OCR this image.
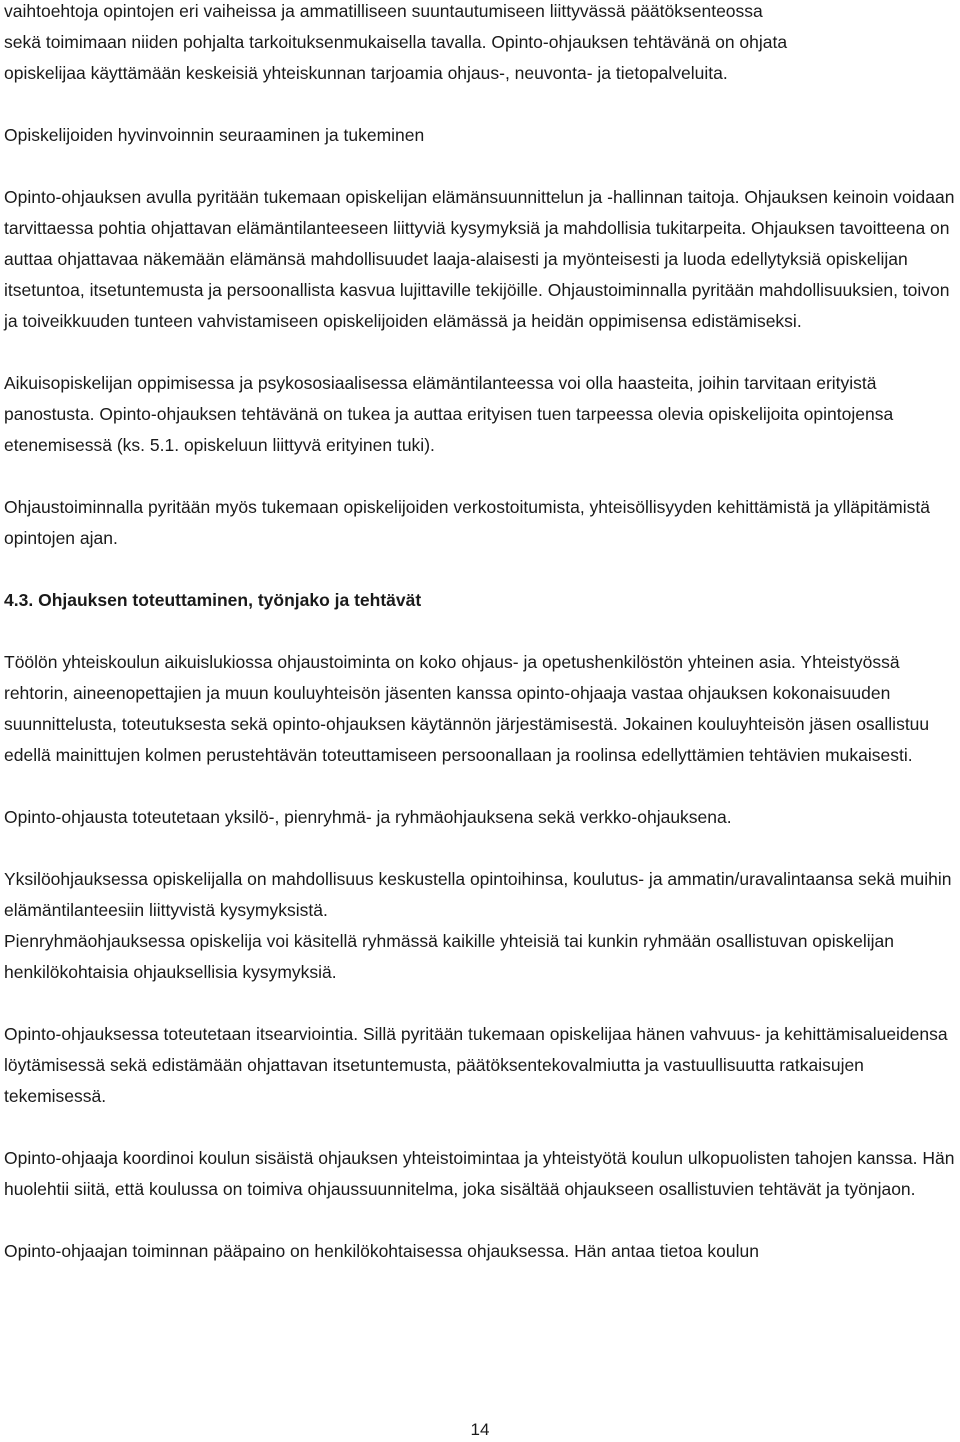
vaihtoehtoja opintojen eri vaiheissa ja ammatilliseen suuntautumiseen liittyvässä päätöksenteossa
sekä toimimaan niiden pohjalta tarkoituksenmukaisella tavalla. Opinto-ohjauksen tehtävänä on ohjata
opiskelijaa käyttämään keskeisiä yhteiskunnan tarjoamia ohjaus-, neuvonta- ja tietopalveluita.
Opiskelijoiden hyvinvoinnin seuraaminen ja tukeminen

Opinto-ohjauksen avulla pyritään tukemaan opiskelijan elämänsuunnittelun ja -hallinnan taitoja. Ohjauksen keinoin voidaan tarvittaessa pohtia ohjattavan elämäntilanteeseen liittyviä kysymyksiä ja mahdollisia tukitarpeita. Ohjauksen tavoitteena on auttaa ohjattavaa näkemään elämänsä mahdollisuudet laaja-alaisesti ja myönteisesti ja luoda edellytyksiä opiskelijan itsetuntoa, itsetuntemusta ja persoonallista kasvua lujittaville tekijöille. Ohjaustoiminnalla pyritään mahdollisuuksien, toivon ja toiveikkuuden tunteen vahvistamiseen opiskelijoiden elämässä ja heidän oppimisensa edistämiseksi.

Aikuisopiskelijan oppimisessa ja psykososiaalisessa elämäntilanteessa voi olla haasteita, joihin tarvitaan erityistä panostusta. Opinto-ohjauksen tehtävänä on tukea ja auttaa erityisen tuen tarpeessa olevia opiskelijoita opintojensa etenemisessä (ks. 5.1. opiskeluun liittyvä erityinen tuki).

Ohjaustoiminnalla pyritään myös tukemaan opiskelijoiden verkostoitumista, yhteisöllisyyden kehittämistä ja ylläpitämistä opintojen ajan.

4.3. Ohjauksen toteuttaminen, työnjako ja tehtävät

Töölön yhteiskoulun aikuislukiossa ohjaustoiminta on koko ohjaus- ja opetushenkilöstön yhteinen asia. Yhteistyössä rehtorin, aineenopettajien ja muun kouluyhteisön jäsenten kanssa opinto-ohjaaja vastaa ohjauksen kokonaisuuden suunnittelusta, toteutuksesta sekä opinto-ohjauksen käytännön järjestämisestä. Jokainen kouluyhteisön jäsen osallistuu edellä mainittujen kolmen perustehtävän toteuttamiseen persoonallaan ja roolinsa edellyttämien tehtävien mukaisesti.

Opinto-ohjausta toteutetaan yksilö-, pienryhmä- ja ryhmäohjauksena sekä verkko-ohjauksena.

Yksilöohjauksessa opiskelijalla on mahdollisuus keskustella opintoihinsa, koulutus- ja ammatin/uravalintaansa sekä muihin elämäntilanteesiin liittyvistä kysymyksistä.

Pienryhmäohjauksessa opiskelija voi käsitellä ryhmässä kaikille yhteisiä tai kunkin ryhmään osallistuvan opiskelijan henkilökohtaisia ohjauksellisia kysymyksiä.

Opinto-ohjauksessa toteutetaan itsearviointia. Sillä pyritään tukemaan opiskelijaa hänen vahvuus- ja kehittämisalueidensa löytämisessä sekä edistämään ohjattavan itsetuntemusta, päätöksentekovalmiutta ja vastuullisuutta ratkaisujen tekemisessä.

Opinto-ohjaaja koordinoi koulun sisäistä ohjauksen yhteistoimintaa ja yhteistyötä koulun ulkopuolisten tahojen kanssa. Hän huolehtii siitä, että koulussa on toimiva ohjaussuunnitelma, joka sisältää ohjaukseen osallistuvien tehtävät ja työnjaon.

Opinto-ohjaajan toiminnan pääpaino on henkilökohtaisessa ohjauksessa. Hän antaa tietoa koulun

14
